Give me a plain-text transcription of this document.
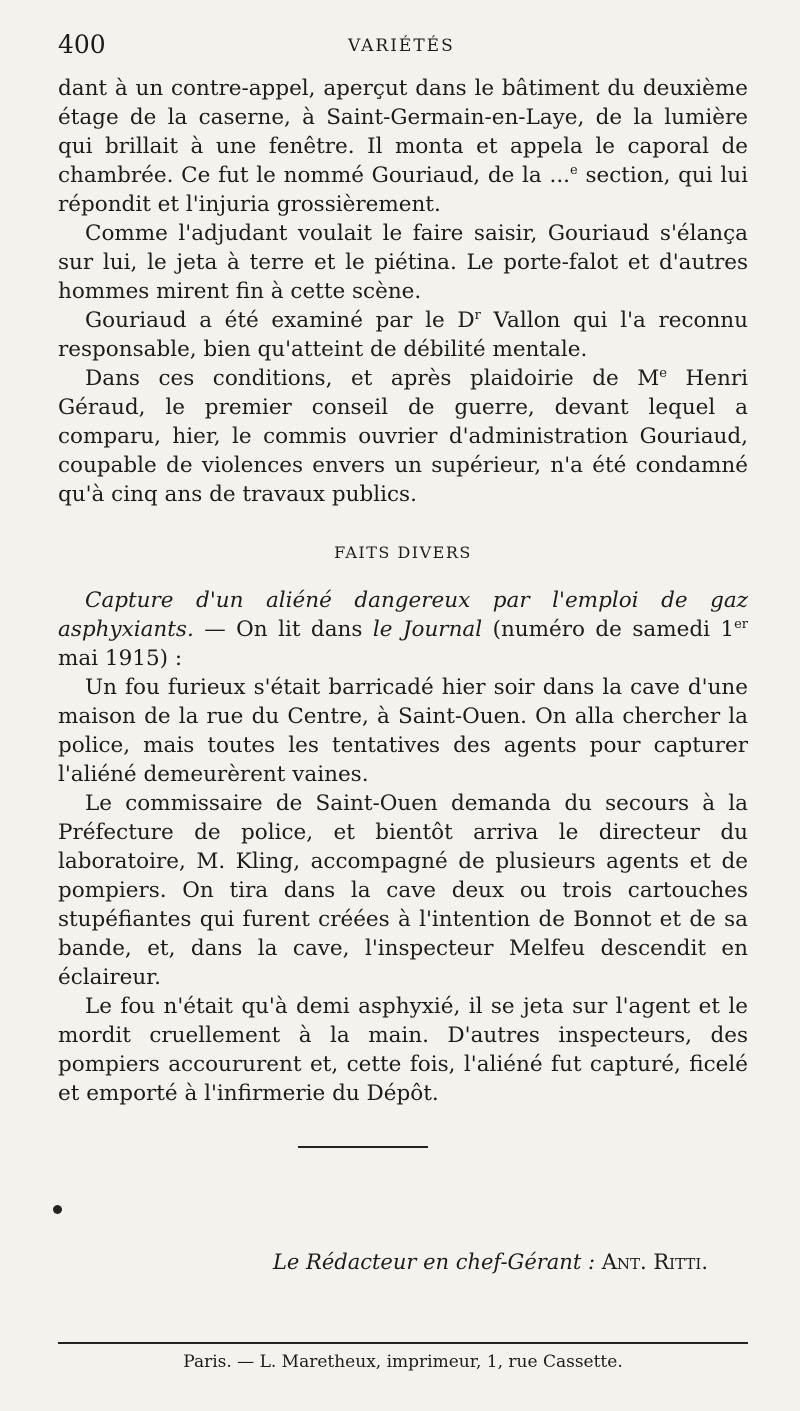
400	VARIÉTÉS

dant à un contre-appel, aperçut dans le bâtiment du deuxième étage de la caserne, à Saint-Germain-en-Laye, de la lumière qui brillait à une fenêtre. Il monta et appela le caporal de chambrée. Ce fut le nommé Gouriaud, de la ...$^e$ section, qui lui répondit et l'injuria grossièrement.

Comme l'adjudant voulait le faire saisir, Gouriaud s'élança sur lui, le jeta à terre et le piétina. Le porte-falot et d'autres hommes mirent fin à cette scène.

Gouriaud a été examiné par le $D^r$ Vallon qui l'a reconnu responsable, bien qu'atteint de débilité mentale.

Dans ces conditions, et après plaidoirie de Me Henri Géraud, le premier conseil de guerre, devant lequel a comparu, hier, le commis ouvrier d'administration Gouriaud, coupable de violences envers un supérieur, n'a été condamné qu'à cinq ans de travaux publics.

FAITS DIVERS

Capture d'un aliéné dangereux par l'emploi de gaz asphyxiants. — On lit dans le Journal (numéro de samedi 1er mai 1915) :

Un fou furieux s'était barricadé hier soir dans la cave d'une maison de la rue du Centre, à Saint-Ouen. On alla chercher la police, mais toutes les tentatives des agents pour capturer l'aliéné demeurèrent vaines.

Le commissaire de Saint-Ouen demanda du secours à la Préfecture de police, et bientôt arriva le directeur du laboratoire, M. Kling, accompagné de plusieurs agents et de pompiers. On tira dans la cave deux ou trois cartouches stupéfiantes qui furent créées à l'intention de Bonnot et de sa bande, et, dans la cave, l'inspecteur Melfeu descendit en éclaireur.

Le fou n'était qu'à demi asphyxié, il se jeta sur l'agent et le mordit cruellement à la main. D'autres inspecteurs, des pompiers accoururent et, cette fois, l'aliéné fut capturé, ficelé et emporté à l'infirmerie du Dépôt.

Le Rédacteur en chef-Gérant : Ant. Ritti.
Paris. — L. Maretheux, imprimeur, 1, rue Cassette.
